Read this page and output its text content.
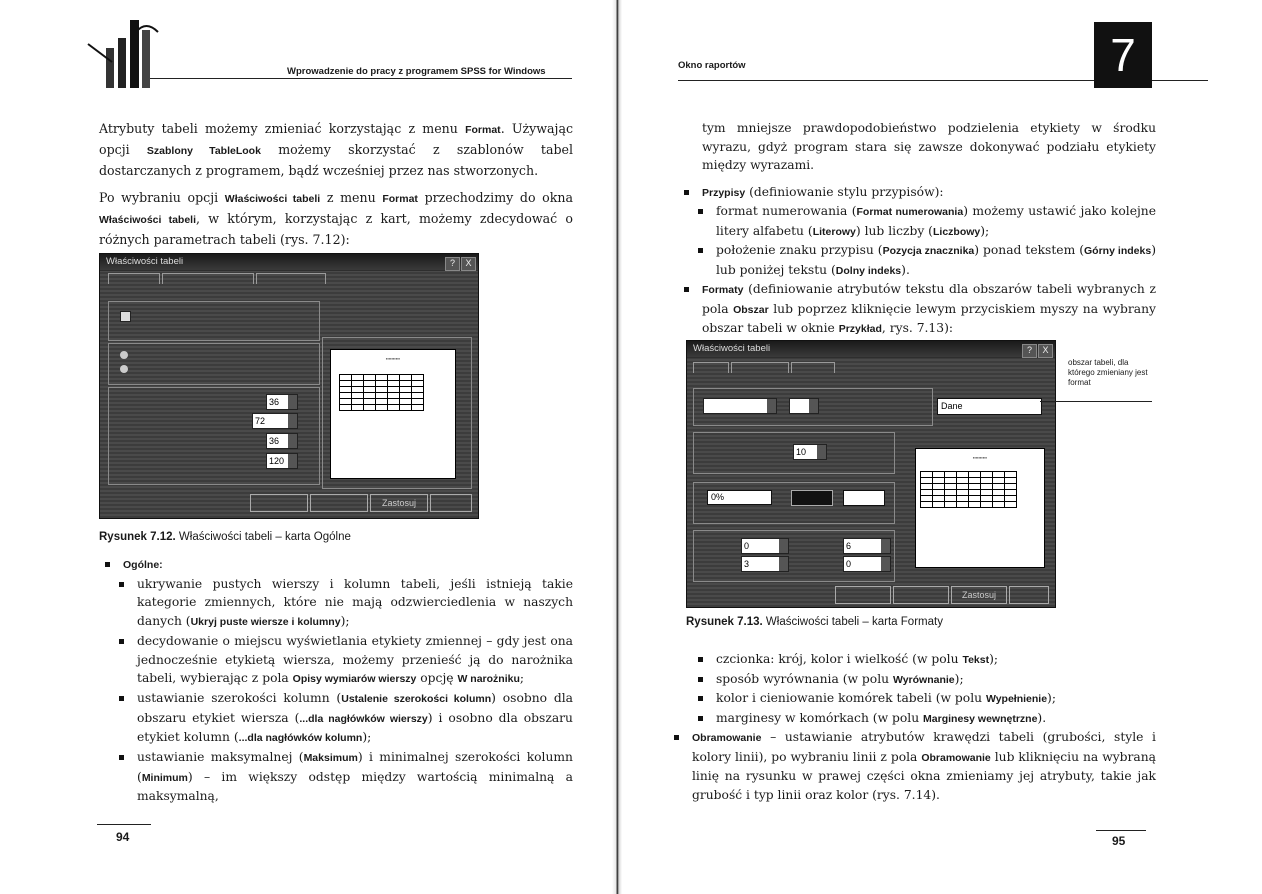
Wprowadzenie do pracy z programem SPSS for Windows

Atrybuty tabeli możemy zmieniać korzystając z menu Format. Używając opcji Szablony TableLook możemy skorzystać z szablonów tabel dostarczanych z programem, bądź wcześniej przez nas stworzonych.

Po wybraniu opcji Właściwości tabeli z menu Format przechodzimy do okna Właściwości tabeli, w którym, korzystając z kart, możemy zdecydować o różnych parametrach tabeli (rys. 7.12):

Właściwości tabeli	? X
36
72
36
120
▪▪▪▪▪▪▪▪▪▪

Zastosuj
Rysunek 7.12. Właściwości tabeli – karta Ogólne
Ogólne:
ukrywanie pustych wierszy i kolumn tabeli, jeśli istnieją takie kategorie zmiennych, które nie mają odzwierciedlenia w naszych danych (Ukryj puste wiersze i kolumny);
decydowanie o miejscu wyświetlania etykiety zmiennej – gdy jest ona jednocześnie etykietą wiersza, możemy przenieść ją do narożnika tabeli, wybierając z pola Opisy wymiarów wierszy opcję W narożniku;
ustawianie szerokości kolumn (Ustalenie szerokości kolumn) osobno dla obszaru etykiet wiersza (...dla nagłówków wierszy) i osobno dla obszaru etykiet kolumn (...dla nagłówków kolumn);
ustawianie maksymalnej (Maksimum) i minimalnej szerokości kolumn (Minimum) – im większy odstęp między wartością minimalną a maksymalną,
94
Okno raportów	7

tym mniejsze prawdopodobieństwo podzielenia etykiety w środku wyrazu, gdyż program stara się zawsze dokonywać podziału etykiety między wyrazami.

Przypisy (definiowanie stylu przypisów):
format numerowania (Format numerowania) możemy ustawić jako kolejne litery alfabetu (Literowy) lub liczby (Liczbowy);
położenie znaku przypisu (Pozycja znacznika) ponad tekstem (Górny indeks) lub poniżej tekstu (Dolny indeks).
Formaty (definiowanie atrybutów tekstu dla obszarów tabeli wybranych z pola Obszar lub poprzez kliknięcie lewym przyciskiem myszy na wybrany obszar tabeli w oknie Przykład, rys. 7.13):
Właściwości tabeli	? X
Dane
10
0%
0
3
6
0
▪▪▪▪▪▪▪▪▪▪

Zastosuj
obszar tabeli, dla którego zmieniany jest format
Rysunek 7.13. Właściwości tabeli – karta Formaty
czcionka: krój, kolor i wielkość (w polu Tekst);
sposób wyrównania (w polu Wyrównanie);
kolor i cieniowanie komórek tabeli (w polu Wypełnienie);
marginesy w komórkach (w polu Marginesy wewnętrzne).
Obramowanie – ustawianie atrybutów krawędzi tabeli (grubości, style i kolory linii), po wybraniu linii z pola Obramowanie lub kliknięciu na wybraną linię na rysunku w prawej części okna zmieniamy jej atrybuty, takie jak grubość i typ linii oraz kolor (rys. 7.14).
95
